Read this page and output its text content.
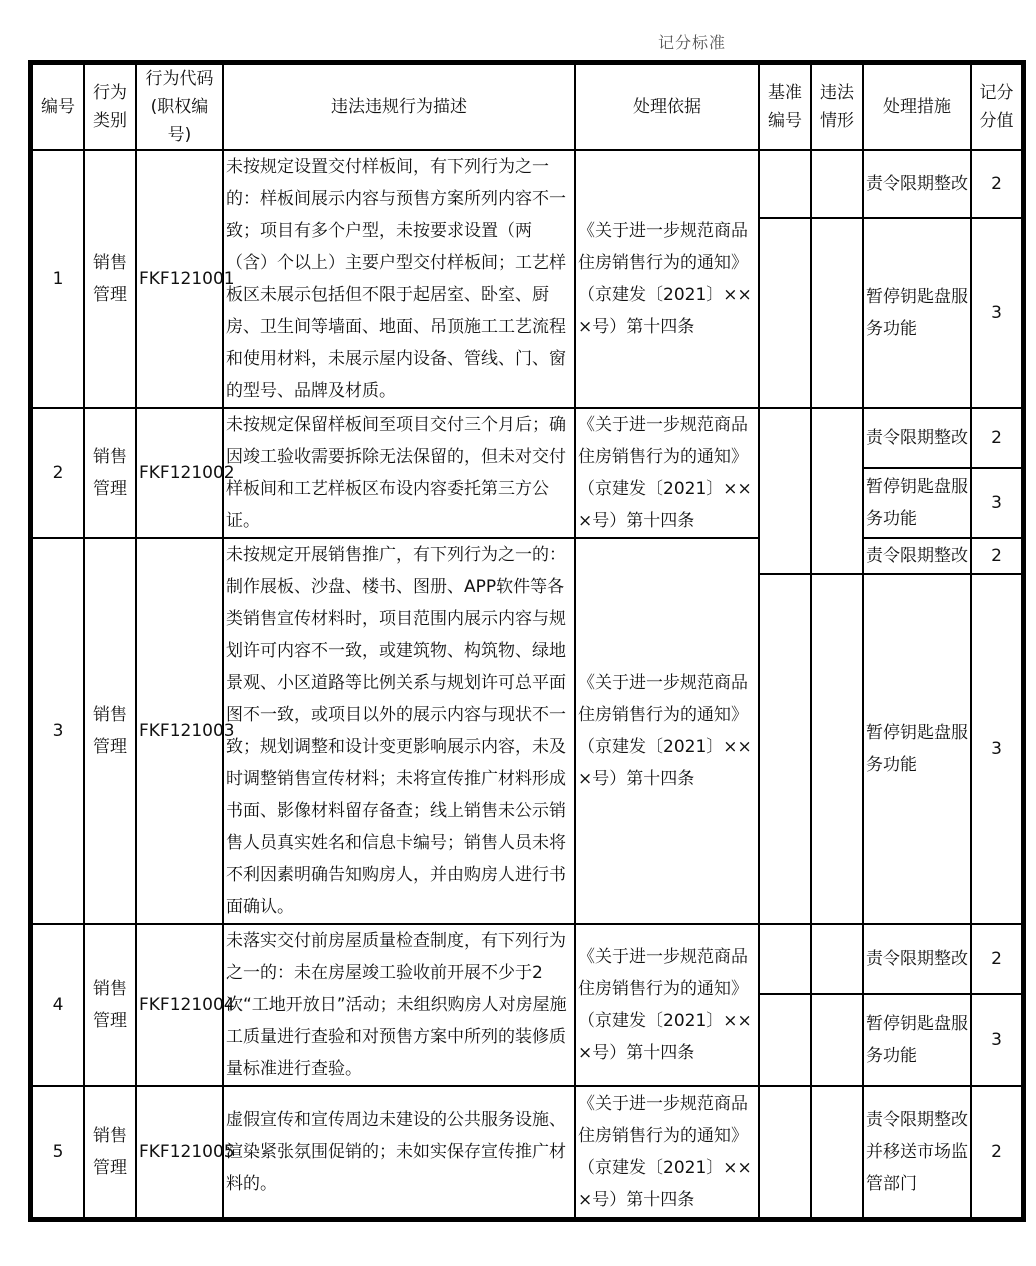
记分标准
编号	行为类别	行为代码(职权编号)	违法违规行为描述	处理依据	基准编号	违法情形	处理措施	记分分值
1	销售管理	FKF121001	未按规定设置交付样板间，有下列行为之一的：样板间展示内容与预售方案所列内容不一致；项目有多个户型，未按要求设置（两（含）个以上）主要户型交付样板间；工艺样板区未展示包括但不限于起居室、卧室、厨房、卫生间等墙面、地面、吊顶施工工艺流程和使用材料，未展示屋内设备、管线、门、窗的型号、品牌及材质。	《关于进一步规范商品住房销售行为的通知》（京建发〔2021〕×××号）第十四条			责令限期整改	2
							暂停钥匙盘服务功能	3
2	销售管理	FKF121002	未按规定保留样板间至项目交付三个月后；确因竣工验收需要拆除无法保留的，但未对交付样板间和工艺样板区布设内容委托第三方公证。	《关于进一步规范商品住房销售行为的通知》（京建发〔2021〕×××号）第十四条			责令限期整改	2
							暂停钥匙盘服务功能	3
3	销售管理	FKF121003	未按规定开展销售推广，有下列行为之一的：制作展板、沙盘、楼书、图册、APP软件等各类销售宣传材料时，项目范围内展示内容与规划许可内容不一致，或建筑物、构筑物、绿地景观、小区道路等比例关系与规划许可总平面图不一致，或项目以外的展示内容与现状不一致；规划调整和设计变更影响展示内容，未及时调整销售宣传材料；未将宣传推广材料形成书面、影像材料留存备查；线上销售未公示销售人员真实姓名和信息卡编号；销售人员未将不利因素明确告知购房人，并由购房人进行书面确认。	《关于进一步规范商品住房销售行为的通知》（京建发〔2021〕×××号）第十四条			责令限期整改	2
							暂停钥匙盘服务功能	3
4	销售管理	FKF121004	未落实交付前房屋质量检查制度，有下列行为之一的：未在房屋竣工验收前开展不少于2次“工地开放日”活动；未组织购房人对房屋施工质量进行查验和对预售方案中所列的装修质量标准进行查验。	《关于进一步规范商品住房销售行为的通知》（京建发〔2021〕×××号）第十四条			责令限期整改	2
							暂停钥匙盘服务功能	3
5	销售管理	FKF121005	虚假宣传和宣传周边未建设的公共服务设施、渲染紧张氛围促销的；未如实保存宣传推广材料的。	《关于进一步规范商品住房销售行为的通知》（京建发〔2021〕×××号）第十四条			责令限期整改并移送市场监管部门	2
